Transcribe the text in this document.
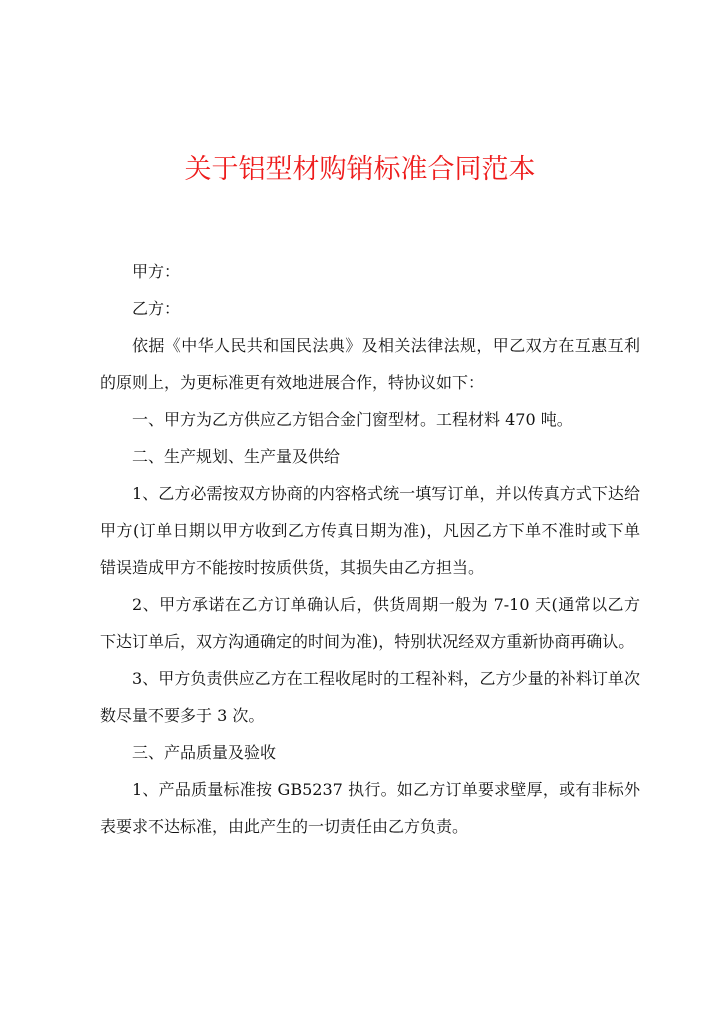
关于铝型材购销标准合同范本

甲方：

乙方：

依据《中华人民共和国民法典》及相关法律法规，甲乙双方在互惠互利的原则上，为更标准更有效地进展合作，特协议如下：

一、甲方为乙方供应乙方铝合金门窗型材。工程材料 470 吨。

二、生产规划、生产量及供给

1、乙方必需按双方协商的内容格式统一填写订单，并以传真方式下达给甲方(订单日期以甲方收到乙方传真日期为准)，凡因乙方下单不准时或下单错误造成甲方不能按时按质供货，其损失由乙方担当。

2、甲方承诺在乙方订单确认后，供货周期一般为 7-10 天(通常以乙方下达订单后，双方沟通确定的时间为准)，特别状况经双方重新协商再确认。

3、甲方负责供应乙方在工程收尾时的工程补料，乙方少量的补料订单次数尽量不要多于 3 次。

三、产品质量及验收

1、产品质量标准按 GB5237 执行。如乙方订单要求壁厚，或有非标外表要求不达标准，由此产生的一切责任由乙方负责。
